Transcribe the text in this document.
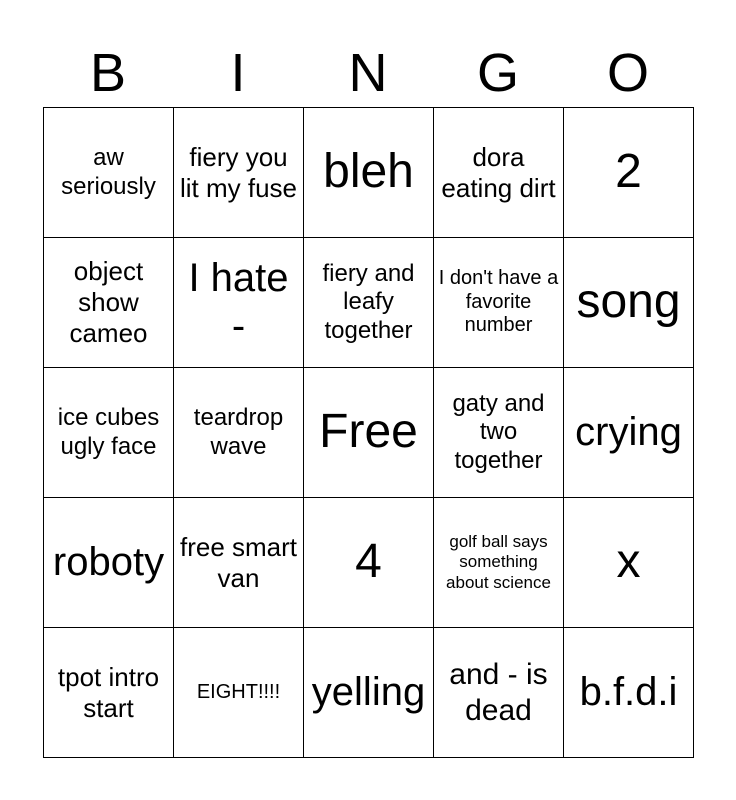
B	I	N	G	O
aw seriously	fiery you lit my fuse	bleh	dora eating dirt	2
object show cameo	I hate -	fiery and leafy together	I don't have a favorite number	song
ice cubes ugly face	teardrop wave	Free	gaty and two together	crying
roboty	free smart van	4	golf ball says something about science	x
tpot intro start	EIGHT!!!!	yelling	and - is dead	b.f.d.i
